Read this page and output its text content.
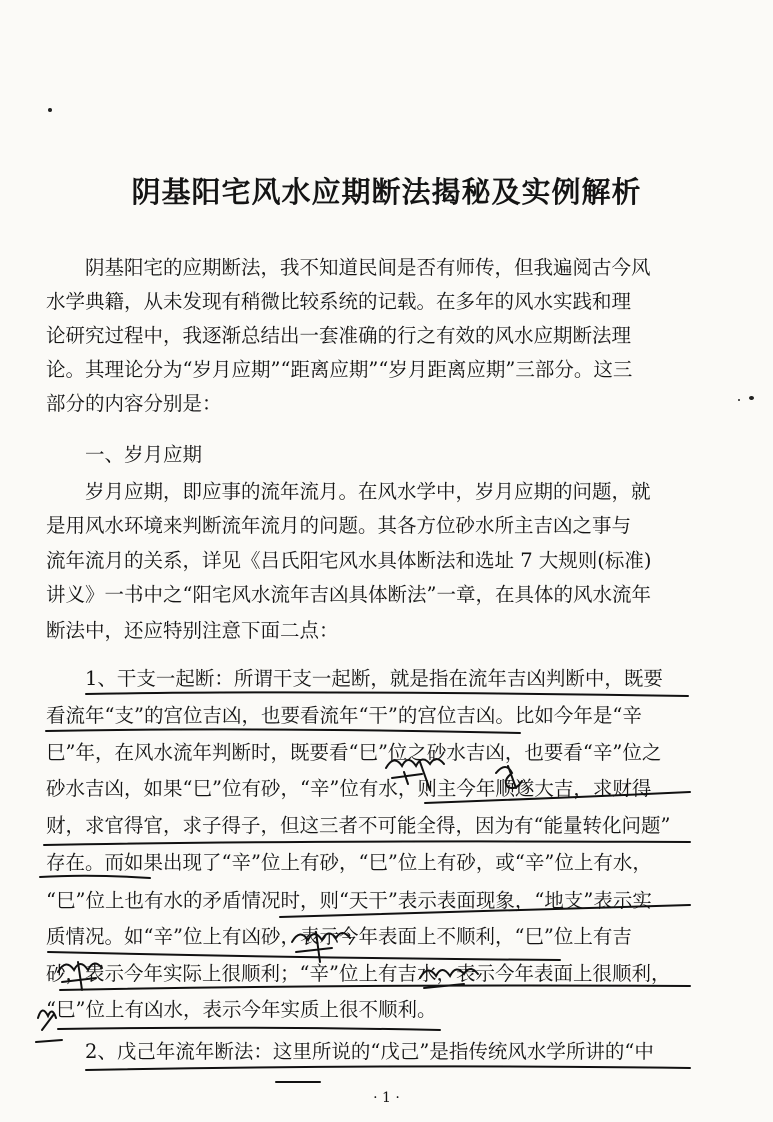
阴基阳宅风水应期断法揭秘及实例解析

阴基阳宅的应期断法，我不知道民间是否有师传，但我遍阅古今风

水学典籍，从未发现有稍微比较系统的记载。在多年的风水实践和理

论研究过程中，我逐渐总结出一套准确的行之有效的风水应期断法理

论。其理论分为“岁月应期”“距离应期”“岁月距离应期”三部分。这三

部分的内容分别是：

一、岁月应期

岁月应期，即应事的流年流月。在风水学中，岁月应期的问题，就

是用风水环境来判断流年流月的问题。其各方位砂水所主吉凶之事与

流年流月的关系，详见《吕氏阳宅风水具体断法和选址 7 大规则(标准)

讲义》一书中之“阳宅风水流年吉凶具体断法”一章，在具体的风水流年

断法中，还应特别注意下面二点：

1、干支一起断：所谓干支一起断，就是指在流年吉凶判断中，既要

看流年“支”的宫位吉凶，也要看流年“干”的宫位吉凶。比如今年是“辛

巳”年，在风水流年判断时，既要看“巳”位之砂水吉凶，也要看“辛”位之

砂水吉凶，如果“巳”位有砂，“辛”位有水，则主今年顺遂大吉，求财得

财，求官得官，求子得子，但这三者不可能全得，因为有“能量转化问题”

存在。而如果出现了“辛”位上有砂，“巳”位上有砂，或“辛”位上有水，

“巳”位上也有水的矛盾情况时，则“天干”表示表面现象，“地支”表示实

质情况。如“辛”位上有凶砂，表示今年表面上不顺利，“巳”位上有吉

砂，表示今年实际上很顺利；“辛”位上有吉水，表示今年表面上很顺利，

“巳”位上有凶水，表示今年实质上很不顺利。

2、戊己年流年断法：这里所说的“戊己”是指传统风水学所讲的“中

· 1 ·
